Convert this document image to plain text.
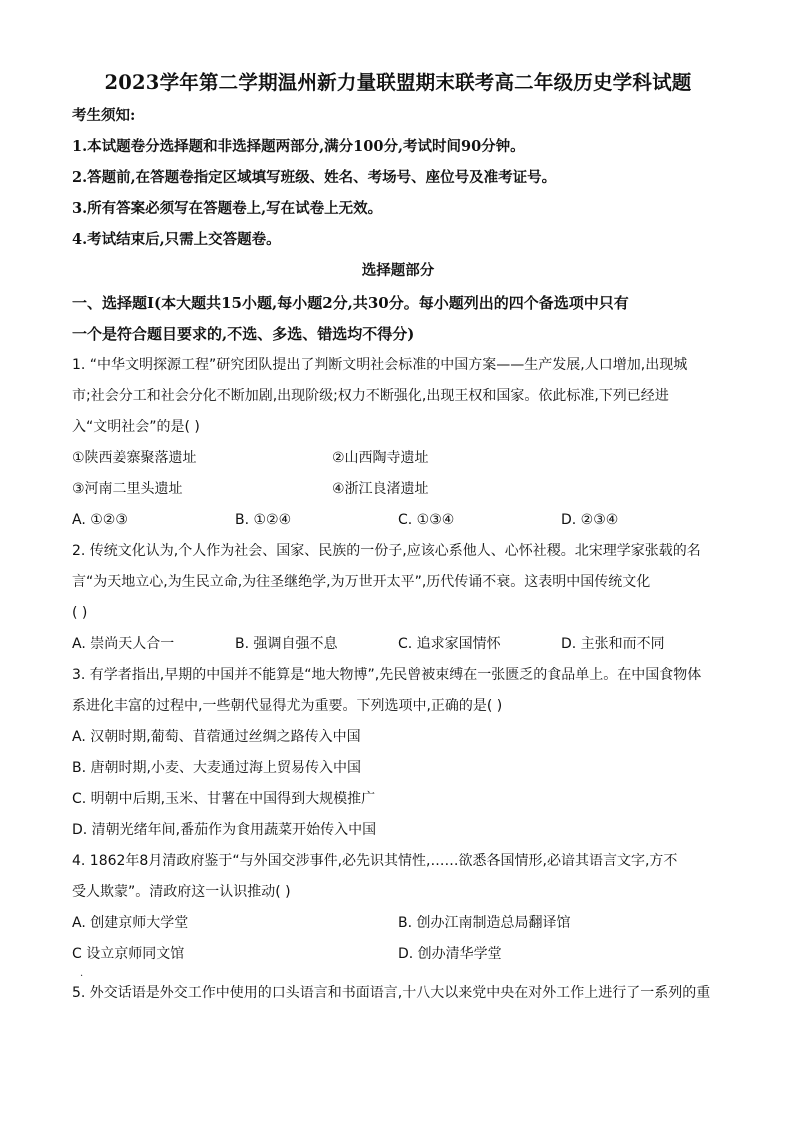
2023学年第二学期温州新力量联盟期末联考高二年级历史学科试题
考生须知:
1.本试题卷分选择题和非选择题两部分,满分100分,考试时间90分钟。
2.答题前,在答题卷指定区域填写班级、姓名、考场号、座位号及准考证号。
3.所有答案必须写在答题卷上,写在试卷上无效。
4.考试结束后,只需上交答题卷。
选择题部分
一、选择题Ⅰ(本大题共15小题,每小题2分,共30分。每小题列出的四个备选项中只有
一个是符合题目要求的,不选、多选、错选均不得分)
1. “中华文明探源工程”研究团队提出了判断文明社会标准的中国方案——生产发展,人口增加,出现城
市;社会分工和社会分化不断加剧,出现阶级;权力不断强化,出现王权和国家。依此标准,下列已经进
入“文明社会”的是( )
①陕西姜寨聚落遗址	②山西陶寺遗址
③河南二里头遗址	④浙江良渚遗址
A. ①②③	B. ①②④	C. ①③④	D. ②③④
2. 传统文化认为,个人作为社会、国家、民族的一份子,应该心系他人、心怀社稷。北宋理学家张载的名
言“为天地立心,为生民立命,为往圣继绝学,为万世开太平”,历代传诵不衰。这表明中国传统文化
( )
A. 崇尚天人合一	B. 强调自强不息	C. 追求家国情怀	D. 主张和而不同
3. 有学者指出,早期的中国并不能算是“地大物博”,先民曾被束缚在一张匮乏的食品单上。在中国食物体
系进化丰富的过程中,一些朝代显得尤为重要。下列选项中,正确的是( )
A. 汉朝时期,葡萄、苜蓿通过丝绸之路传入中国
B. 唐朝时期,小麦、大麦通过海上贸易传入中国
C. 明朝中后期,玉米、甘薯在中国得到大规模推广
D. 清朝光绪年间,番茄作为食用蔬菜开始传入中国
4. 1862年8月清政府鉴于“与外国交涉事件,必先识其情性,……欲悉各国情形,必谙其语言文字,方不
受人欺蒙”。清政府这一认识推动( )
A. 创建京师大学堂	B. 创办江南制造总局翻译馆
C 设立京师同文馆	D. 创办清华学堂
5. 外交话语是外交工作中使用的口头语言和书面语言,十八大以来党中央在对外工作上进行了一系列的重
·
